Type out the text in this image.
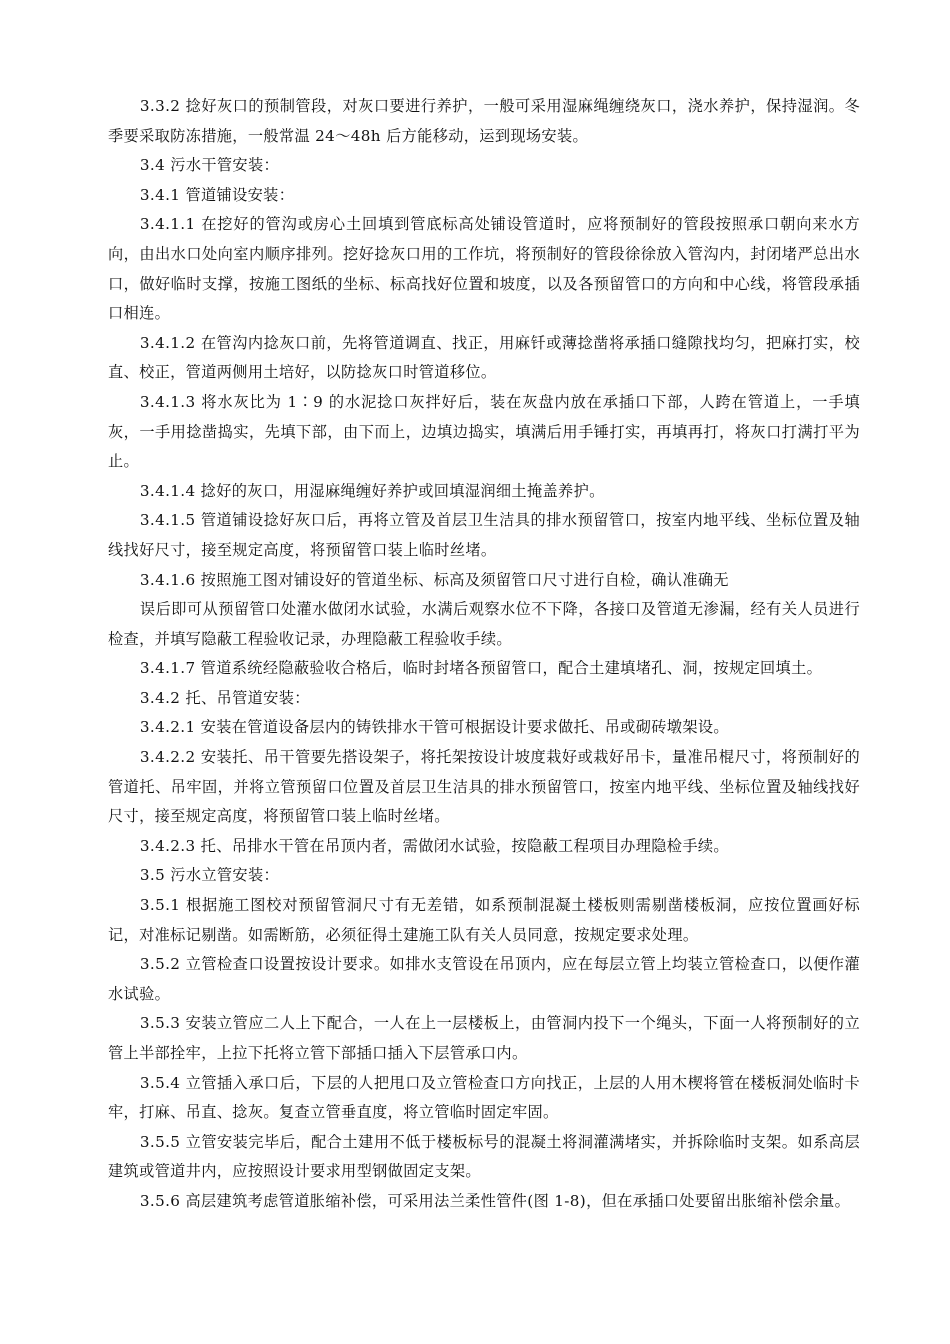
3.3.2 捻好灰口的预制管段，对灰口要进行养护，一般可采用湿麻绳缠绕灰口，浇水养护，保持湿润。冬季要采取防冻措施，一般常温 24～48h 后方能移动，运到现场安装。

3.4 污水干管安装：

3.4.1 管道铺设安装：

3.4.1.1 在挖好的管沟或房心土回填到管底标高处铺设管道时，应将预制好的管段按照承口朝向来水方向，由出水口处向室内顺序排列。挖好捻灰口用的工作坑，将预制好的管段徐徐放入管沟内，封闭堵严总出水口，做好临时支撑，按施工图纸的坐标、标高找好位置和坡度，以及各预留管口的方向和中心线，将管段承插口相连。

3.4.1.2 在管沟内捻灰口前，先将管道调直、找正，用麻钎或薄捻凿将承插口缝隙找均匀，把麻打实，校直、校正，管道两侧用土培好，以防捻灰口时管道移位。

3.4.1.3 将水灰比为 1∶9 的水泥捻口灰拌好后，装在灰盘内放在承插口下部，人跨在管道上，一手填灰，一手用捻凿捣实，先填下部，由下而上，边填边捣实，填满后用手锤打实，再填再打，将灰口打满打平为止。

3.4.1.4 捻好的灰口，用湿麻绳缠好养护或回填湿润细土掩盖养护。

3.4.1.5 管道铺设捻好灰口后，再将立管及首层卫生洁具的排水预留管口，按室内地平线、坐标位置及轴线找好尺寸，接至规定高度，将预留管口装上临时丝堵。

3.4.1.6 按照施工图对铺设好的管道坐标、标高及须留管口尺寸进行自检，确认准确无

误后即可从预留管口处灌水做闭水试验，水满后观察水位不下降，各接口及管道无渗漏，经有关人员进行检查，并填写隐蔽工程验收记录，办理隐蔽工程验收手续。

3.4.1.7 管道系统经隐蔽验收合格后，临时封堵各预留管口，配合土建填堵孔、洞，按规定回填土。

3.4.2 托、吊管道安装：

3.4.2.1 安装在管道设备层内的铸铁排水干管可根据设计要求做托、吊或砌砖墩架设。

3.4.2.2 安装托、吊干管要先搭设架子，将托架按设计坡度栽好或栽好吊卡，量准吊棍尺寸，将预制好的管道托、吊牢固，并将立管预留口位置及首层卫生洁具的排水预留管口，按室内地平线、坐标位置及轴线找好尺寸，接至规定高度，将预留管口装上临时丝堵。

3.4.2.3 托、吊排水干管在吊顶内者，需做闭水试验，按隐蔽工程项目办理隐检手续。

3.5 污水立管安装：

3.5.1 根据施工图校对预留管洞尺寸有无差错，如系预制混凝土楼板则需剔凿楼板洞，应按位置画好标记，对准标记剔凿。如需断筋，必须征得土建施工队有关人员同意，按规定要求处理。

3.5.2 立管检查口设置按设计要求。如排水支管设在吊顶内，应在每层立管上均装立管检查口，以便作灌水试验。

3.5.3 安装立管应二人上下配合，一人在上一层楼板上，由管洞内投下一个绳头，下面一人将预制好的立管上半部拴牢，上拉下托将立管下部插口插入下层管承口内。

3.5.4 立管插入承口后，下层的人把甩口及立管检查口方向找正，上层的人用木楔将管在楼板洞处临时卡牢，打麻、吊直、捻灰。复查立管垂直度，将立管临时固定牢固。

3.5.5 立管安装完毕后，配合土建用不低于楼板标号的混凝土将洞灌满堵实，并拆除临时支架。如系高层建筑或管道井内，应按照设计要求用型钢做固定支架。

3.5.6 高层建筑考虑管道胀缩补偿，可采用法兰柔性管件(图 1-8)，但在承插口处要留出胀缩补偿余量。
